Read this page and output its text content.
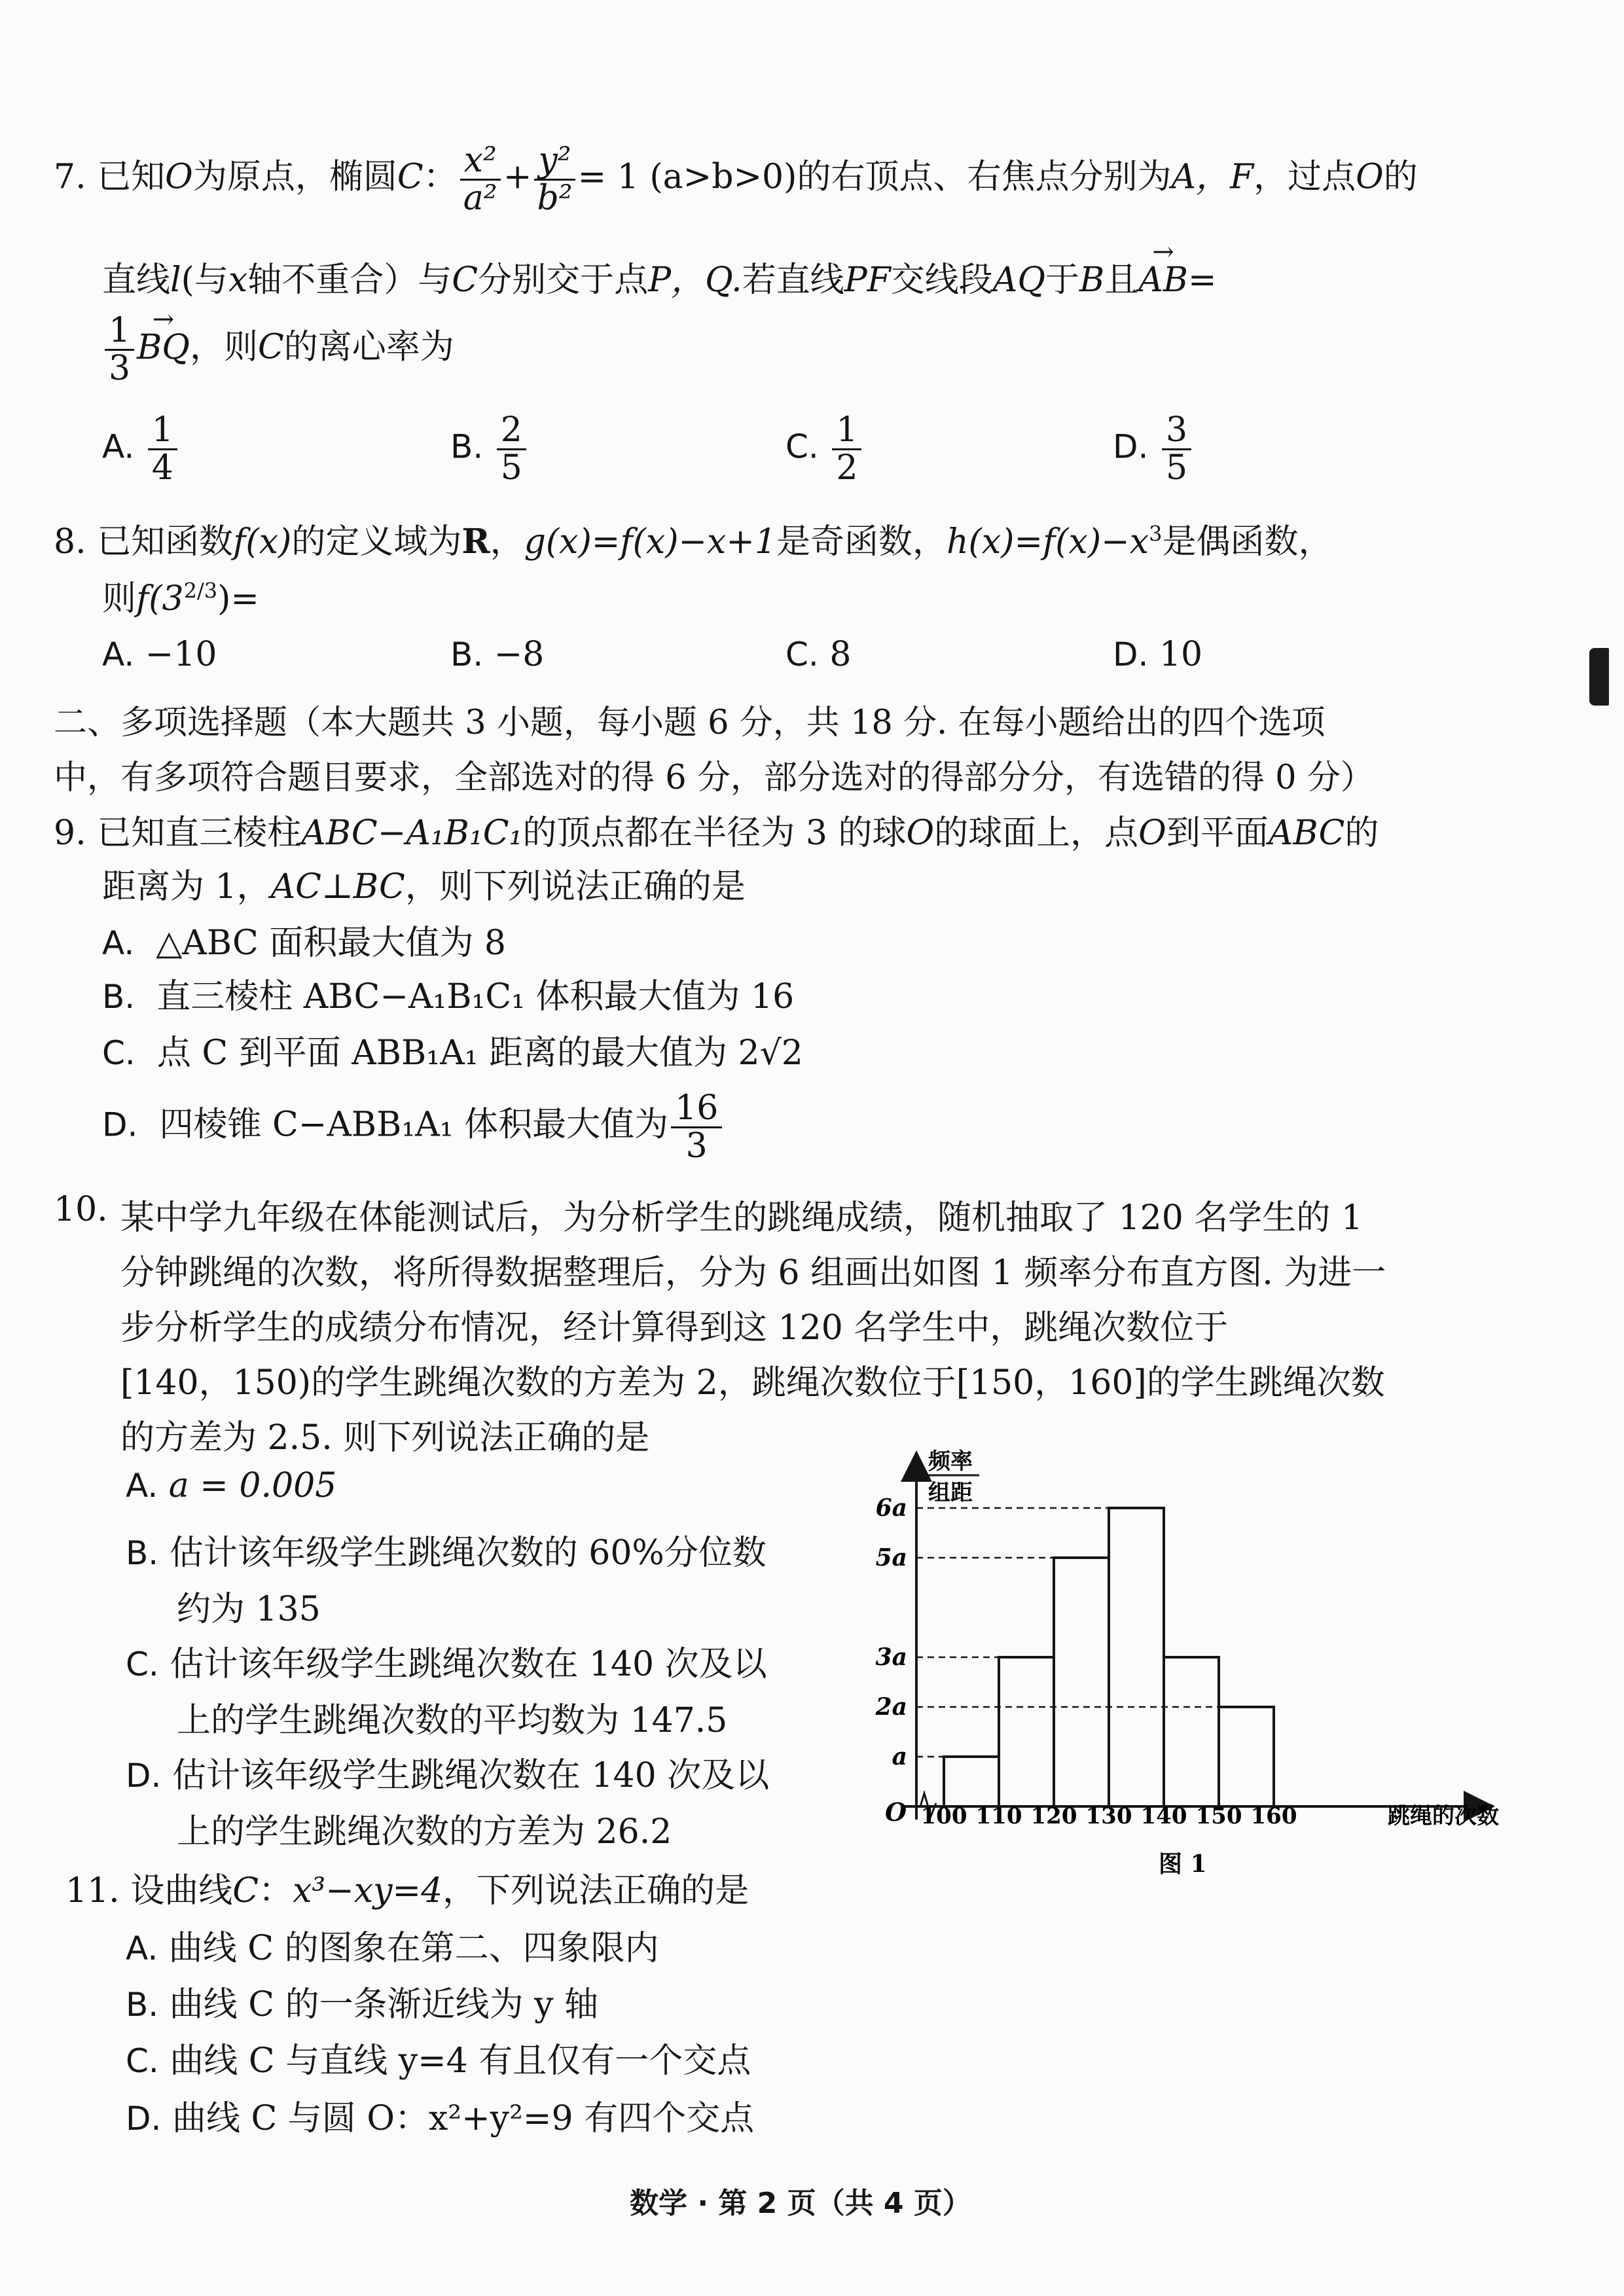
7. 已知O为原点，椭圆C： $\frac{\text{x²}}{\text{a²}} + \frac{\text{y²}}{\text{b²}} = 1$ (a>b>0)的右顶点、右焦点分别为A，F，过点O的
直线l(与x轴不重合）与C分别交于点P，Q.若直线PF交线段AQ于B且→ AB=
$\frac{1}{3}$
→ BQ，则C的离心率为
A. $\frac{1}{4}$	B. $\frac{2}{5}$	C. $\frac{1}{2}$	D. $\frac{3}{5}$
8. 已知函数f(x)的定义域为R，g(x)=f(x)−x+1是奇函数，$h(x)=f(x)-x^3$是偶函数，
则$f(3^{2/3})=$
A. −10	B. −8	C. 8	D. 10
二、多项选择题（本大题共 3 小题，每小题 6 分，共 18 分. 在每小题给出的四个选项
中，有多项符合题目要求，全部选对的得 6 分，部分选对的得部分分，有选错的得 0 分）
9. 已知直三棱柱ABC−A₁B₁C₁的顶点都在半径为 3 的球O的球面上，点O到平面ABC的
距离为 1，AC⊥BC，则下列说法正确的是
A. △ABC 面积最大值为 8
B. 直三棱柱 ABC−A₁B₁C₁ 体积最大值为 16
C. 点 C 到平面 ABB₁A₁ 距离的最大值为 2√2
D. 四棱锥 C−ABB₁A₁ 体积最大值为 $\frac{16}{3}$
10. 某中学九年级在体能测试后，为分析学生的跳绳成绩，随机抽取了 120 名学生的 1
分钟跳绳的次数，将所得数据整理后，分为 6 组画出如图 1 频率分布直方图. 为进一
步分析学生的成绩分布情况，经计算得到这 120 名学生中，跳绳次数位于
[140，150)的学生跳绳次数的方差为 2，跳绳次数位于[150，160]的学生跳绳次数
的方差为 2.5. 则下列说法正确的是
A. a = 0.005
B. 估计该年级学生跳绳次数的 60%分位数
约为 135
C. 估计该年级学生跳绳次数在 140 次及以
上的学生跳绳次数的平均数为 147.5
D. 估计该年级学生跳绳次数在 140 次及以
上的学生跳绳次数的方差为 26.2
a
2a
3a
5a
6a
100 110 120 130 140 150 160
O
频率
组距
跳绳的次数
图 1
11. 设曲线C：x³−xy=4，下列说法正确的是
A. 曲线 C 的图象在第二、四象限内
B. 曲线 C 的一条渐近线为 y 轴
C. 曲线 C 与直线 y=4 有且仅有一个交点
D. 曲线 C 与圆 O：x²+y²=9 有四个交点
数学 · 第 2 页（共 4 页）
